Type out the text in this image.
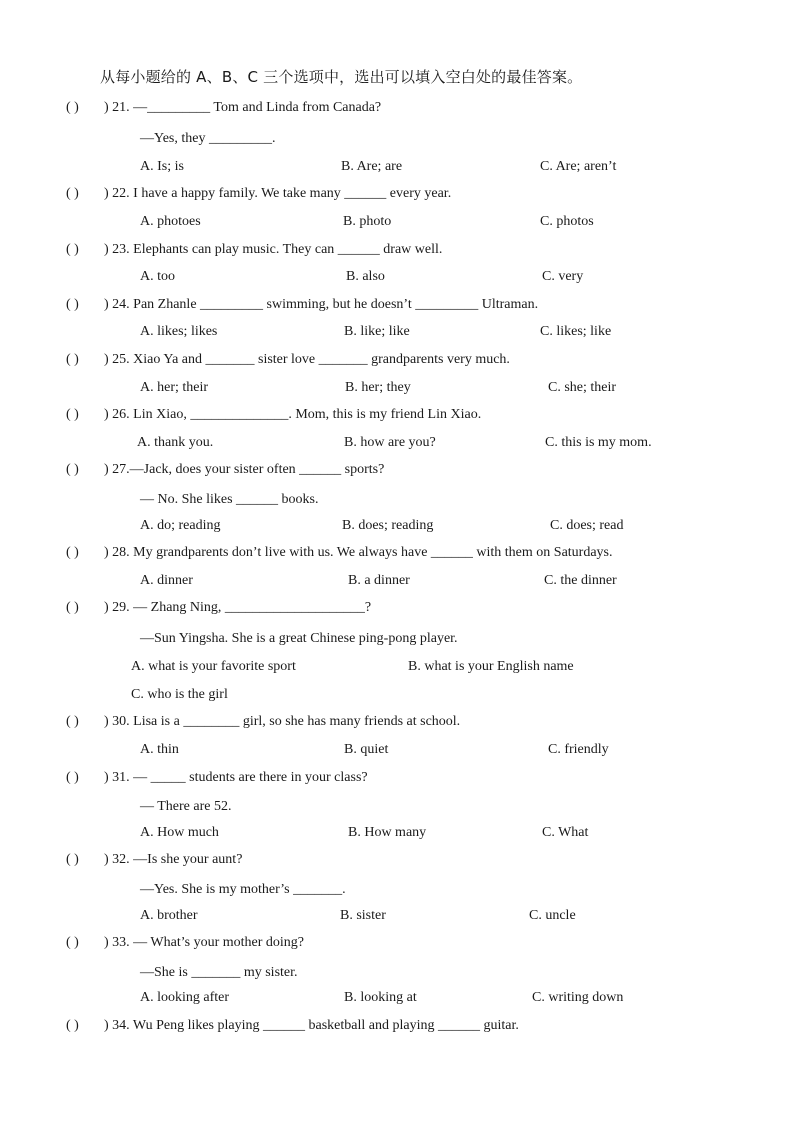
从每小题给的 A、B、C 三个选项中，选出可以填入空白处的最佳答案。
( ) ) 21. —_________ Tom and Linda from Canada?
—Yes, they _________.
A. Is; is	B. Are; are	C. Are; aren’t
( ) ) 22. I have a happy family. We take many ______ every year.
A. photoes	B. photo	C. photos
( ) ) 23. Elephants can play music. They can ______ draw well.
A. too	B. also	C. very
( ) ) 24. Pan Zhanle _________ swimming, but he doesn’t _________ Ultraman.
A. likes; likes	B. like; like	C. likes; like
( ) ) 25. Xiao Ya and _______ sister love _______ grandparents very much.
A. her; their	B. her; they	C. she; their
( ) ) 26. Lin Xiao, ______________. Mom, this is my friend Lin Xiao.
A. thank you.	B. how are you?	C. this is my mom.
( ) ) 27.—Jack, does your sister often ______ sports?
— No. She likes ______ books.
A. do; reading	B. does; reading	C. does; read
( ) ) 28. My grandparents don’t live with us. We always have ______ with them on Saturdays.
A. dinner	B. a dinner	C. the dinner
( ) ) 29. — Zhang Ning, ____________________?
—Sun Yingsha. She is a great Chinese ping-pong player.
A. what is your favorite sport	B. what is your English name
C. who is the girl
( ) ) 30. Lisa is a ________ girl, so she has many friends at school.
A. thin	B. quiet	C. friendly
( ) ) 31. — _____ students are there in your class?
— There are 52.
A. How much	B. How many	C. What
( ) ) 32. —Is she your aunt?
—Yes. She is my mother’s _______.
A. brother	B. sister	C. uncle
( ) ) 33. — What’s your mother doing?
—She is _______ my sister.
A. looking after	B. looking at	C. writing down
( ) ) 34. Wu Peng likes playing ______ basketball and playing ______ guitar.
